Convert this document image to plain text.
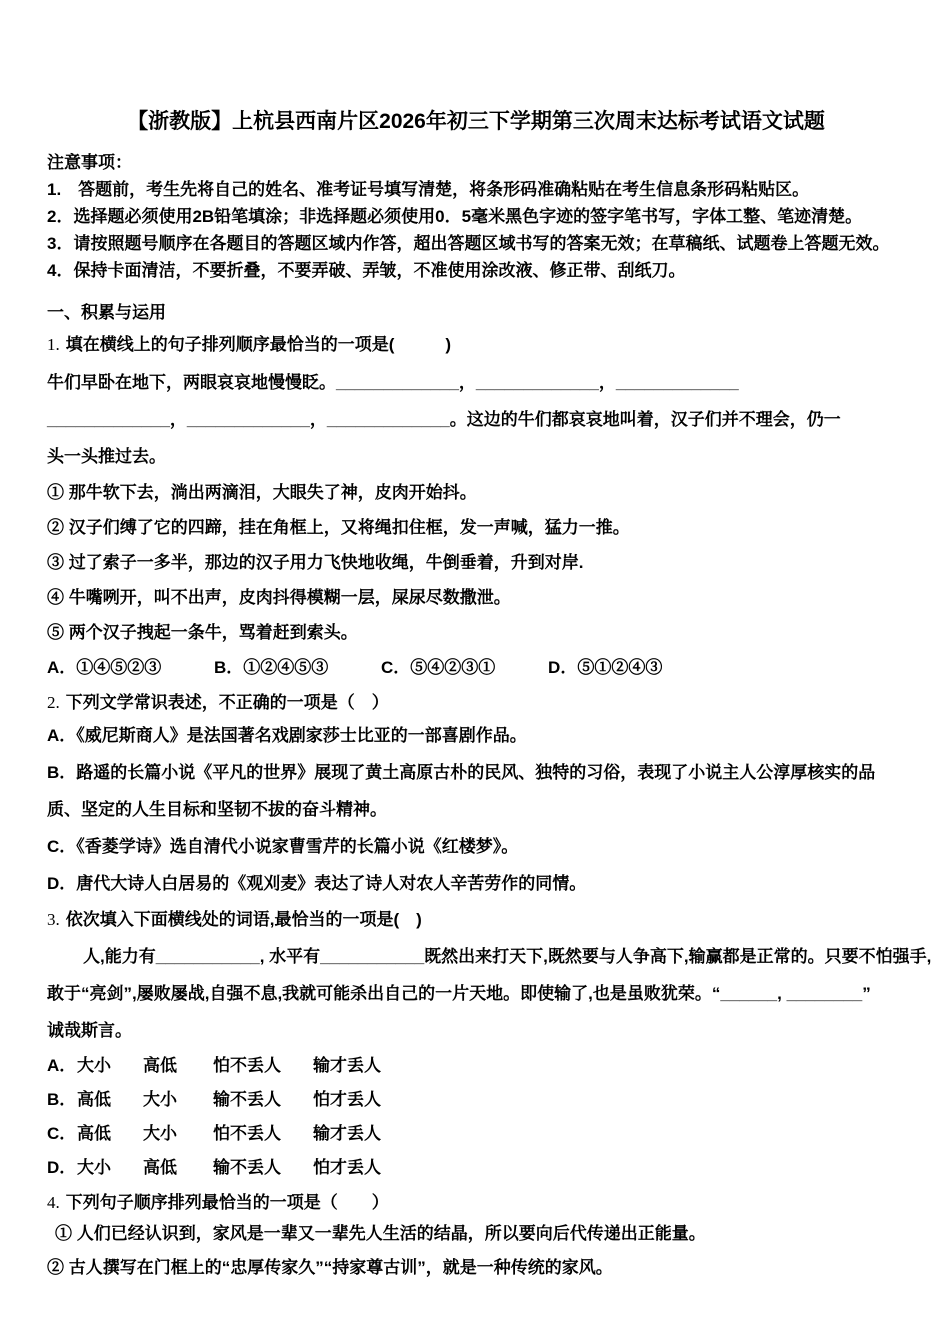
【浙教版】上杭县西南片区2026年初三下学期第三次周末达标考试语文试题

注意事项：

1.　答题前，考生先将自己的姓名、准考证号填写清楚，将条形码准确粘贴在考生信息条形码粘贴区。

2．选择题必须使用2B铅笔填涂；非选择题必须使用0．5毫米黑色字迹的签字笔书写，字体工整、笔迹清楚。

3．请按照题号顺序在各题目的答题区域内作答，超出答题区域书写的答案无效；在草稿纸、试题卷上答题无效。

4．保持卡面清洁，不要折叠，不要弄破、弄皱，不准使用涂改液、修正带、刮纸刀。

一、积累与运用

1. 填在横线上的句子排列顺序最恰当的一项是(　　　)

牛们早卧在地下，两眼哀哀地慢慢眨。_____________，_____________，_____________

_____________，_____________，_____________。这边的牛们都哀哀地叫着，汉子们并不理会，仍一

头一头推过去。

① 那牛软下去，淌出两滴泪，大眼失了神，皮肉开始抖。

② 汉子们缚了它的四蹄，挂在角框上，又将绳扣住框，发一声喊，猛力一推。

③ 过了索子一多半，那边的汉子用力飞快地收绳，牛倒垂着，升到对岸.

④ 牛嘴咧开，叫不出声，皮肉抖得模糊一层，屎尿尽数撒泄。

⑤ 两个汉子拽起一条牛，骂着赶到索头。

A．①④⑤②③	B．①②④⑤③	C．⑤④②③①	D．⑤①②④③

2. 下列文学常识表述，不正确的一项是（　）

A．《威尼斯商人》是法国著名戏剧家莎士比亚的一部喜剧作品。

B．路遥的长篇小说《平凡的世界》展现了黄土高原古朴的民风、独特的习俗，表现了小说主人公淳厚核实的品质、坚定的人生目标和坚韧不拔的奋斗精神。

C．《香菱学诗》选自清代小说家曹雪芹的长篇小说《红楼梦》。

D．唐代大诗人白居易的《观刈麦》表达了诗人对农人辛苦劳作的同情。

3. 依次填入下面横线处的词语,最恰当的一项是(　)

人,能力有___________, 水平有___________既然出来打天下,既然要与人争高下,输赢都是正常的。只要不怕强手,

敢于“亮剑”,屡败屡战,自强不息,我就可能杀出自己的一片天地。即使输了,也是虽败犹荣。“______, ________”

诚哉斯言。

A． 大小	高低	怕不丢人	输才丢人
B． 高低	大小	输不丢人	怕才丢人
C． 高低	大小	怕不丢人	输才丢人
D． 大小	高低	输不丢人	怕才丢人

4. 下列句子顺序排列最恰当的一项是（　　）

① 人们已经认识到，家风是一辈又一辈先人生活的结晶，所以要向后代传递出正能量。

② 古人撰写在门框上的“忠厚传家久”“持家尊古训”，就是一种传统的家风。
